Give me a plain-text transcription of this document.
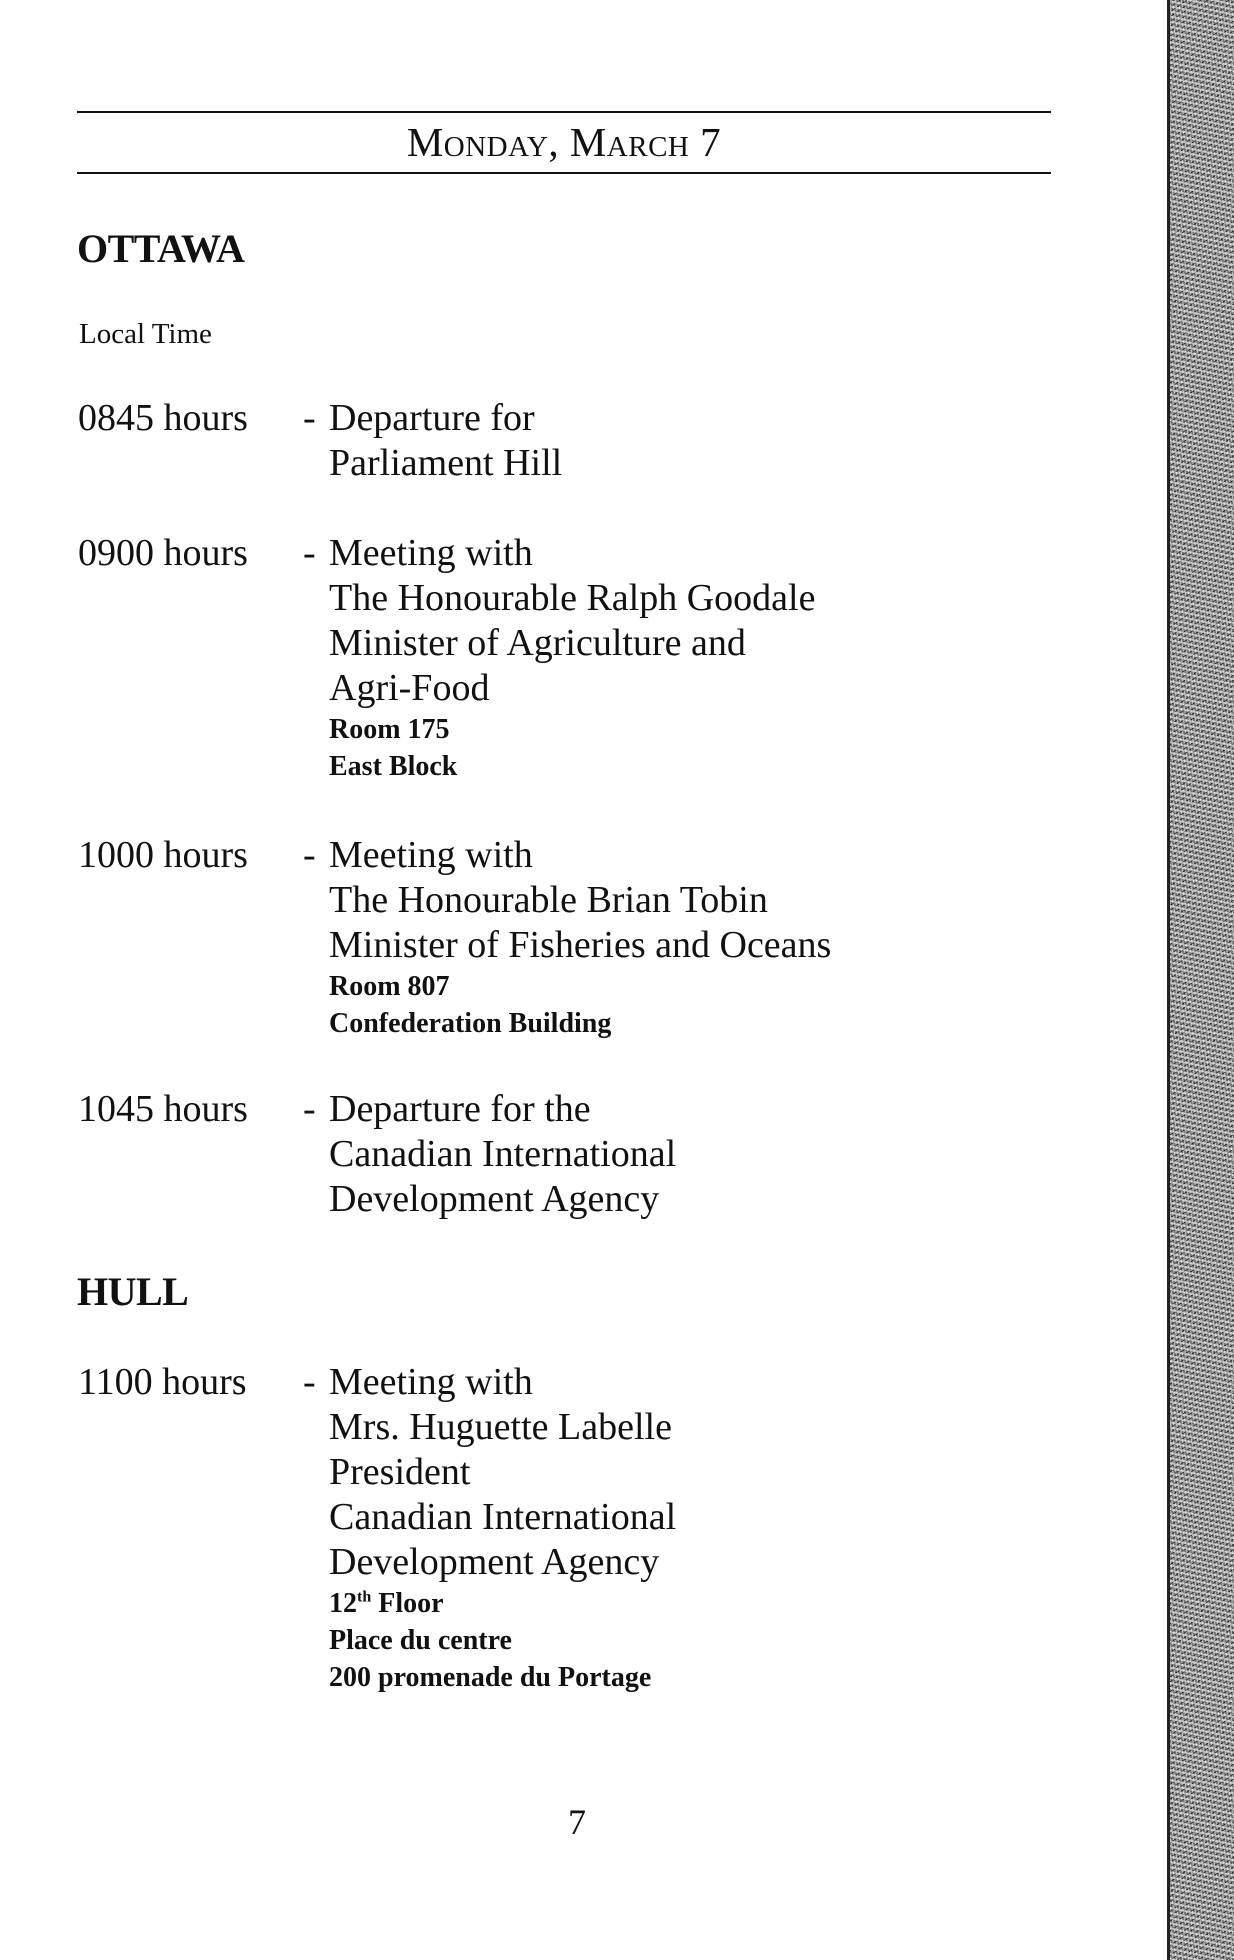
Monday, March 7
OTTAWA
Local Time
0845 hours - Departure for
Parliament Hill
0900 hours - Meeting with
The Honourable Ralph Goodale
Minister of Agriculture and
Agri-Food
Room 175
East Block
1000 hours - Meeting with
The Honourable Brian Tobin
Minister of Fisheries and Oceans
Room 807
Confederation Building
1045 hours - Departure for the
Canadian International
Development Agency
HULL
1100 hours - Meeting with
Mrs. Huguette Labelle
President
Canadian International
Development Agency
12th Floor
Place du centre
200 promenade du Portage
7
